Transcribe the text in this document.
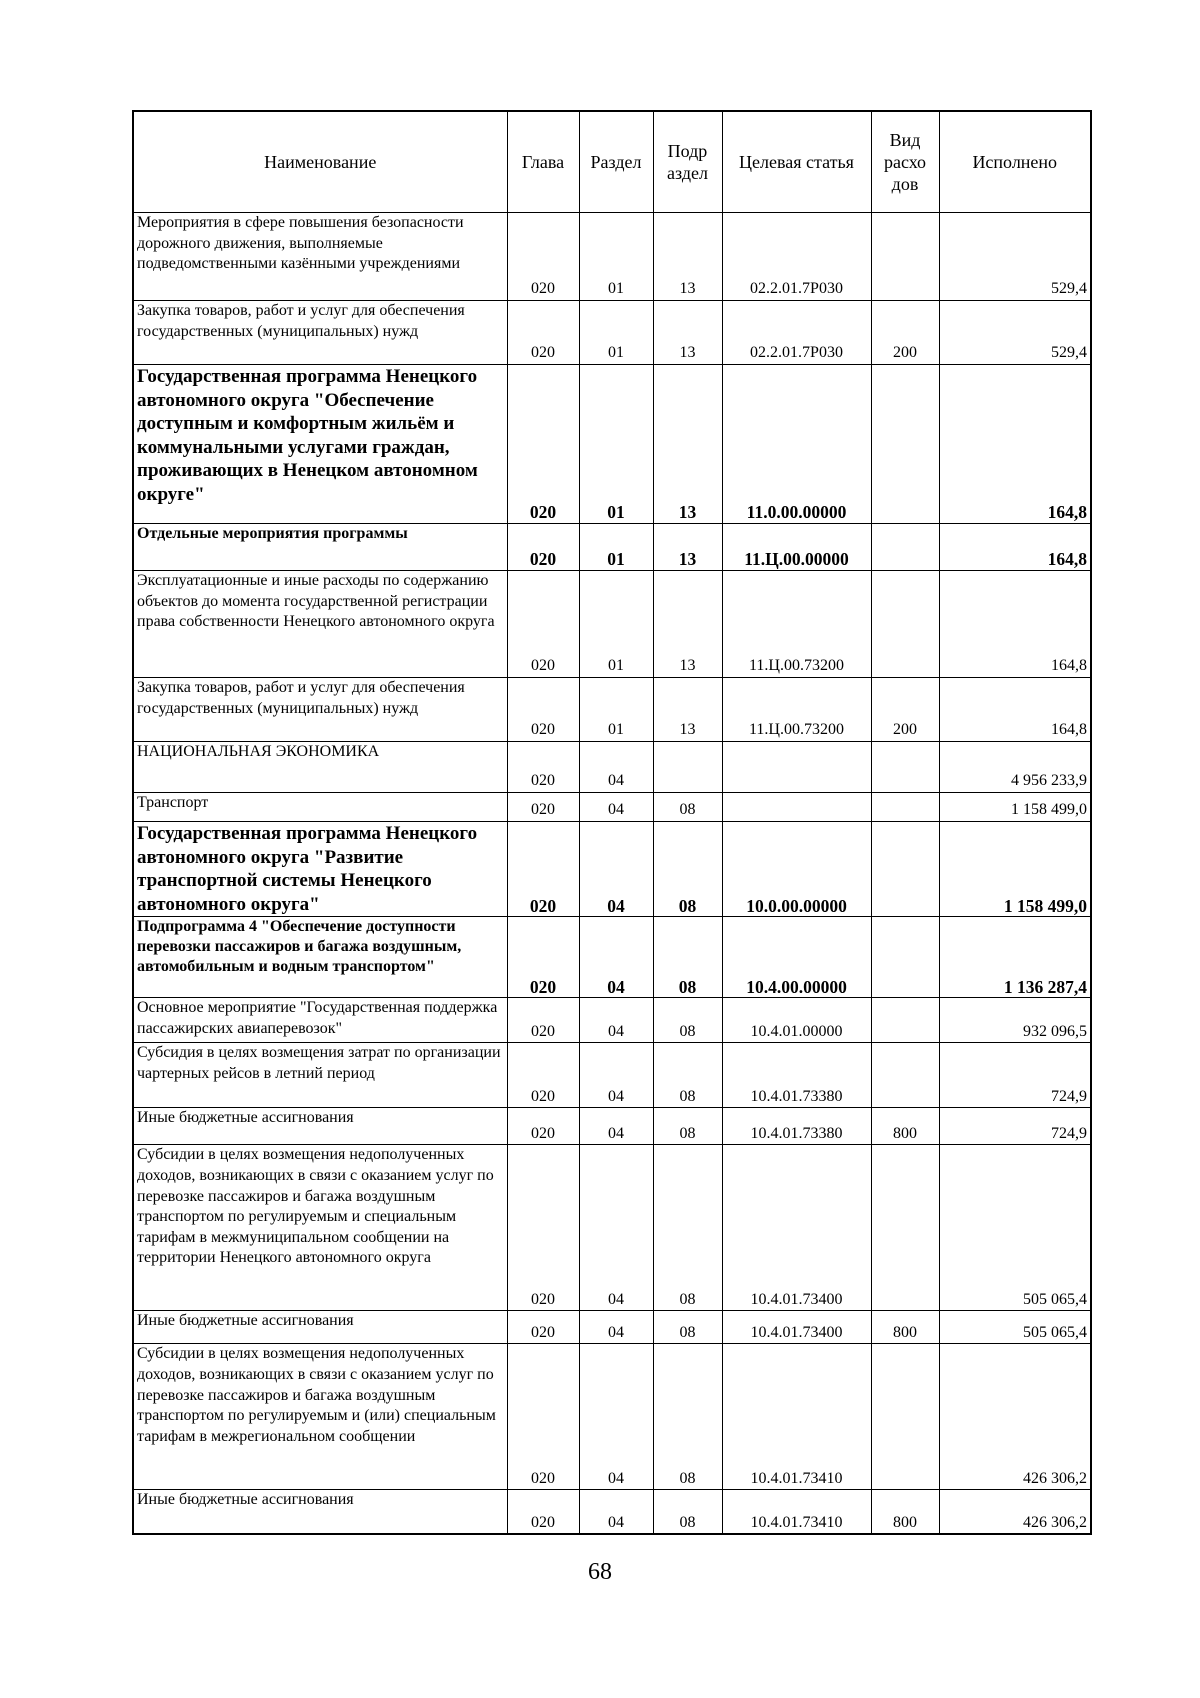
Наименование	Глава	Раздел	Подр аздел	Целевая статья	Вид расхо дов	Исполнено
Мероприятия в сфере повышения безопасности дорожного движения, выполняемые подведомственными казёнными учреждениями	020	01	13	02.2.01.7Р030		529,4
Закупка товаров, работ и услуг для обеспечения государственных (муниципальных) нужд	020	01	13	02.2.01.7Р030	200	529,4
Государственная программа Ненецкого автономного округа "Обеспечение доступным и комфортным жильём и коммунальными услугами граждан, проживающих в Ненецком автономном округе"	020	01	13	11.0.00.00000		164,8
Отдельные мероприятия программы	020	01	13	11.Ц.00.00000		164,8
Эксплуатационные и иные расходы по содержанию объектов до момента государственной регистрации права собственности Ненецкого автономного округа	020	01	13	11.Ц.00.73200		164,8
Закупка товаров, работ и услуг для обеспечения государственных (муниципальных) нужд	020	01	13	11.Ц.00.73200	200	164,8
НАЦИОНАЛЬНАЯ ЭКОНОМИКА	020	04				4 956 233,9
Транспорт	020	04	08			1 158 499,0
Государственная программа Ненецкого автономного округа "Развитие транспортной системы Ненецкого автономного округа"	020	04	08	10.0.00.00000		1 158 499,0
Подпрограмма 4 "Обеспечение доступности перевозки пассажиров и багажа воздушным, автомобильным и водным транспортом"	020	04	08	10.4.00.00000		1 136 287,4
Основное мероприятие "Государственная поддержка пассажирских авиаперевозок"	020	04	08	10.4.01.00000		932 096,5
Субсидия в целях возмещения затрат по организации чартерных рейсов в летний период	020	04	08	10.4.01.73380		724,9
Иные бюджетные ассигнования	020	04	08	10.4.01.73380	800	724,9
Субсидии в целях возмещения недополученных доходов, возникающих в связи с оказанием услуг по перевозке пассажиров и багажа воздушным транспортом по регулируемым и специальным тарифам в межмуниципальном сообщении на территории Ненецкого автономного округа	020	04	08	10.4.01.73400		505 065,4
Иные бюджетные ассигнования	020	04	08	10.4.01.73400	800	505 065,4
Субсидии в целях возмещения недополученных доходов, возникающих в связи с оказанием услуг по перевозке пассажиров и багажа воздушным транспортом по регулируемым и (или) специальным тарифам в межрегиональном сообщении	020	04	08	10.4.01.73410		426 306,2
Иные бюджетные ассигнования	020	04	08	10.4.01.73410	800	426 306,2
68
